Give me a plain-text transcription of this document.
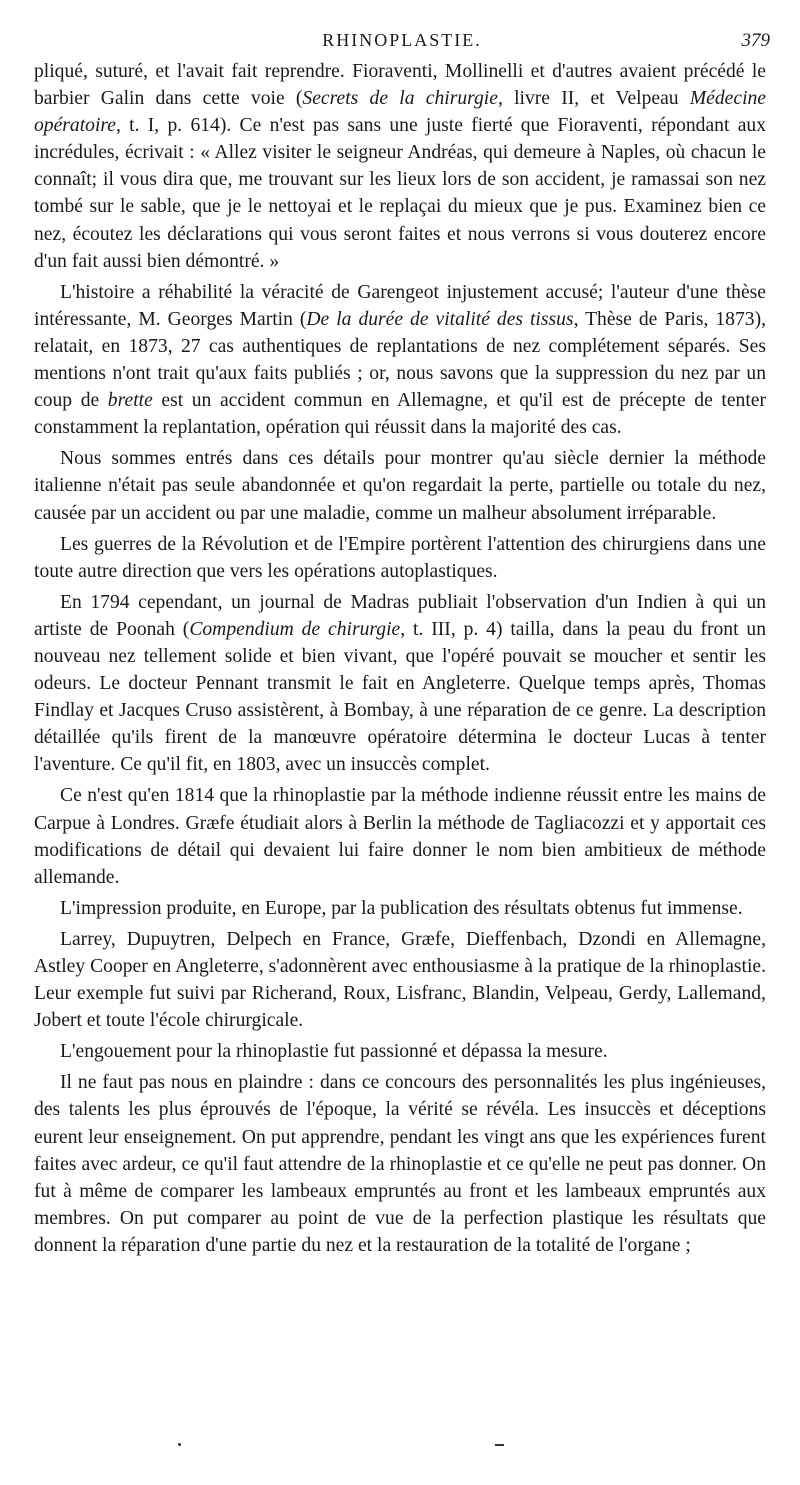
RHINOPLASTIE.	379

pliqué, suturé, et l'avait fait reprendre. Fioraventi, Mollinelli et d'autres avaient précédé le barbier Galin dans cette voie (Secrets de la chirurgie, livre II, et Velpeau Médecine opératoire, t. I, p. 614). Ce n'est pas sans une juste fierté que Fioraventi, répondant aux incrédules, écrivait : « Allez visiter le seigneur Andréas, qui demeure à Naples, où chacun le connaît; il vous dira que, me trouvant sur les lieux lors de son accident, je ramassai son nez tombé sur le sable, que je le nettoyai et le replaçai du mieux que je pus. Examinez bien ce nez, écoutez les déclarations qui vous seront faites et nous verrons si vous douterez encore d'un fait aussi bien démontré. »

L'histoire a réhabilité la véracité de Garengeot injustement accusé; l'auteur d'une thèse intéressante, M. Georges Martin (De la durée de vitalité des tissus, Thèse de Paris, 1873), relatait, en 1873, 27 cas authentiques de replantations de nez complétement séparés. Ses mentions n'ont trait qu'aux faits publiés ; or, nous savons que la suppression du nez par un coup de brette est un accident commun en Allemagne, et qu'il est de précepte de tenter constamment la replantation, opération qui réussit dans la majorité des cas.

Nous sommes entrés dans ces détails pour montrer qu'au siècle dernier la méthode italienne n'était pas seule abandonnée et qu'on regardait la perte, partielle ou totale du nez, causée par un accident ou par une maladie, comme un malheur absolument irréparable.

Les guerres de la Révolution et de l'Empire portèrent l'attention des chirurgiens dans une toute autre direction que vers les opérations autoplastiques.

En 1794 cependant, un journal de Madras publiait l'observation d'un Indien à qui un artiste de Poonah (Compendium de chirurgie, t. III, p. 4) tailla, dans la peau du front un nouveau nez tellement solide et bien vivant, que l'opéré pouvait se moucher et sentir les odeurs. Le docteur Pennant transmit le fait en Angleterre. Quelque temps après, Thomas Findlay et Jacques Cruso assistèrent, à Bombay, à une réparation de ce genre. La description détaillée qu'ils firent de la manœuvre opératoire détermina le docteur Lucas à tenter l'aventure. Ce qu'il fit, en 1803, avec un insuccès complet.

Ce n'est qu'en 1814 que la rhinoplastie par la méthode indienne réussit entre les mains de Carpue à Londres. Græfe étudiait alors à Berlin la méthode de Tagliacozzi et y apportait ces modifications de détail qui devaient lui faire donner le nom bien ambitieux de méthode allemande.

L'impression produite, en Europe, par la publication des résultats obtenus fut immense.

Larrey, Dupuytren, Delpech en France, Græfe, Dieffenbach, Dzondi en Allemagne, Astley Cooper en Angleterre, s'adonnèrent avec enthousiasme à la pratique de la rhinoplastie. Leur exemple fut suivi par Richerand, Roux, Lisfranc, Blandin, Velpeau, Gerdy, Lallemand, Jobert et toute l'école chirurgicale.

L'engouement pour la rhinoplastie fut passionné et dépassa la mesure.

Il ne faut pas nous en plaindre : dans ce concours des personnalités les plus ingénieuses, des talents les plus éprouvés de l'époque, la vérité se révéla. Les insuccès et déceptions eurent leur enseignement. On put apprendre, pendant les vingt ans que les expériences furent faites avec ardeur, ce qu'il faut attendre de la rhinoplastie et ce qu'elle ne peut pas donner. On fut à même de comparer les lambeaux empruntés au front et les lambeaux empruntés aux membres. On put comparer au point de vue de la perfection plastique les résultats que donnent la réparation d'une partie du nez et la restauration de la totalité de l'organe ;
